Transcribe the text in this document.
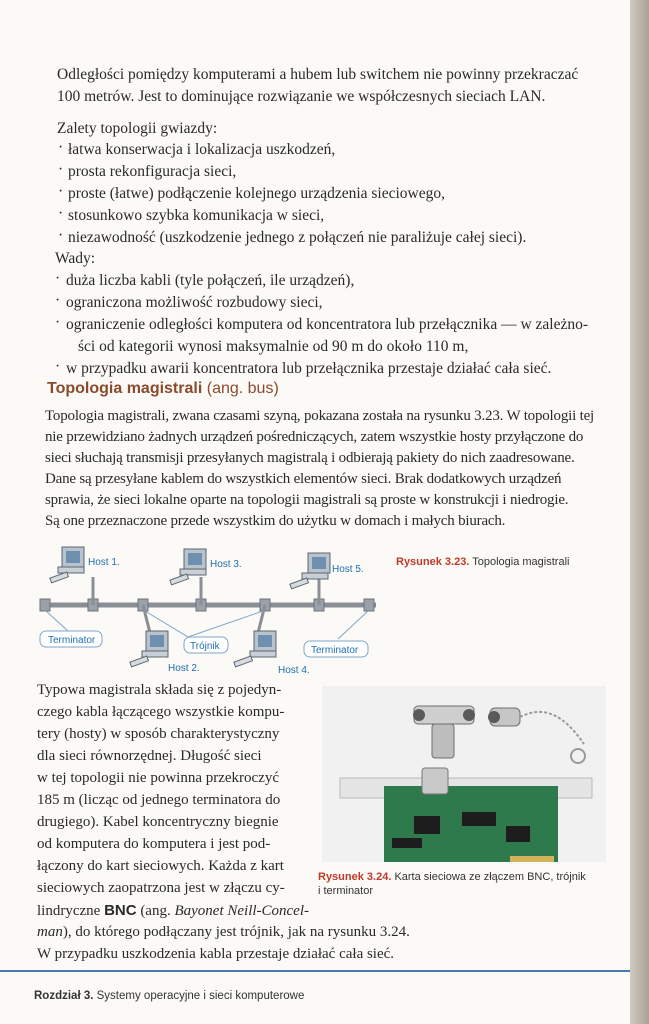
Odległości pomiędzy komputerami a hubem lub switchem nie powinny przekraczać
100 metrów. Jest to dominujące rozwiązanie we współczesnych sieciach LAN.
Zalety topologii gwiazdy:
· łatwa konserwacja i lokalizacja uszkodzeń,
· prosta rekonfiguracja sieci,
· proste (łatwe) podłączenie kolejnego urządzenia sieciowego,
· stosunkowo szybka komunikacja w sieci,
· niezawodność (uszkodzenie jednego z połączeń nie paraliżuje całej sieci).
Wady:
· duża liczba kabli (tyle połączeń, ile urządzeń),
· ograniczona możliwość rozbudowy sieci,
· ograniczenie odległości komputera od koncentratora lub przełącznika — w zależno-
ści od kategorii wynosi maksymalnie od 90 m do około 110 m,
· w przypadku awarii koncentratora lub przełącznika przestaje działać cała sieć.
Topologia magistrali (ang. bus)
Topologia magistrali, zwana czasami szyną, pokazana została na rysunku 3.23. W topologii tej
nie przewidziano żadnych urządzeń pośredniczących, zatem wszystkie hosty przyłączone do
sieci słuchają transmisji przesyłanych magistralą i odbierają pakiety do nich zaadresowane.
Dane są przesyłane kablem do wszystkich elementów sieci. Brak dodatkowych urządzeń
sprawia, że sieci lokalne oparte na topologii magistrali są proste w konstrukcji i niedrogie.
Są one przeznaczone przede wszystkim do użytku w domach i małych biurach.
Host 1.	Host 3.	Host 5.
Host 2.	Host 4.
Terminator
Trójnik	Terminator
Rysunek 3.23. Topologia magistrali
Typowa magistrala składa się z pojedyn-
czego kabla łączącego wszystkie kompu-
tery (hosty) w sposób charakterystyczny
dla sieci równorzędnej. Długość sieci
w tej topologii nie powinna przekroczyć
185 m (licząc od jednego terminatora do
drugiego). Kabel koncentryczny biegnie
od komputera do komputera i jest pod-
łączony do kart sieciowych. Każda z kart
sieciowych zaopatrzona jest w złączu cy-
lindryczne BNC (ang. Bayonet Neill-Concel-
man), do którego podłączany jest trójnik, jak na rysunku 3.24.
W przypadku uszkodzenia kabla przestaje działać cała sieć.
Rysunek 3.24. Karta sieciowa ze złączem BNC, trójnik
i terminator
Rozdział 3. Systemy operacyjne i sieci komputerowe
